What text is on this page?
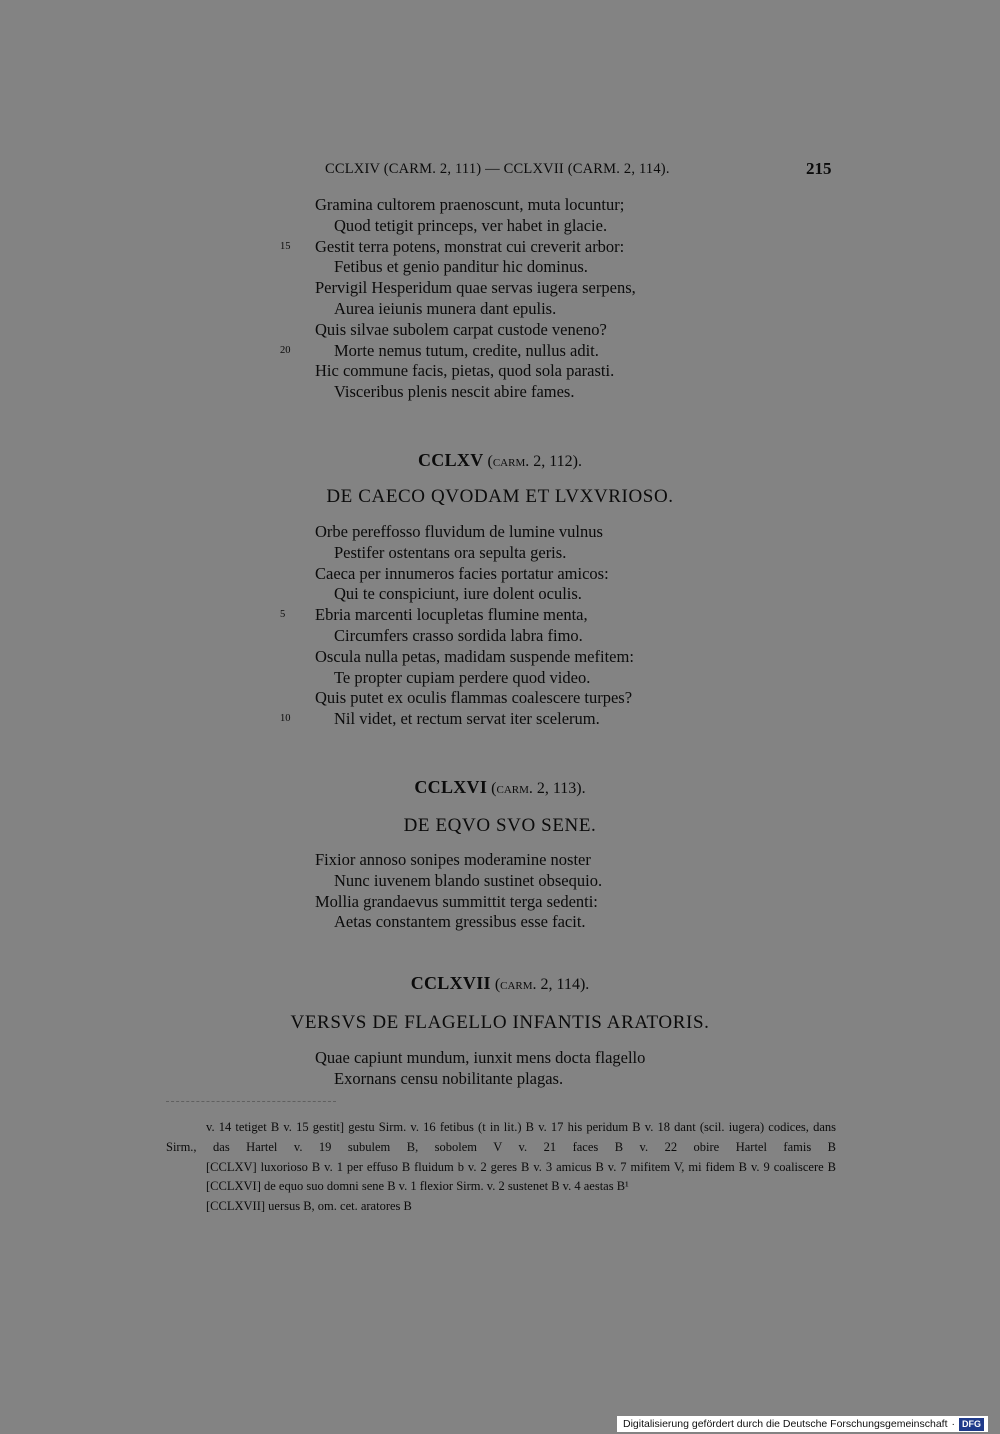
CCLXIV (CARM. 2, 111) — CCLXVII (CARM. 2, 114).	215
Gramina cultorem praenoscunt, muta locuntur;
Quod tetigit princeps, ver habet in glacie.
15	Gestit terra potens, monstrat cui creverit arbor:
Fetibus et genio panditur hic dominus.
Pervigil Hesperidum quae servas iugera serpens,
Aurea ieiunis munera dant epulis.
Quis silvae subolem carpat custode veneno?
20	Morte nemus tutum, credite, nullus adit.
Hic commune facis, pietas, quod sola parasti.
Visceribus plenis nescit abire fames.
CCLXV (carm. 2, 112).
DE CAECO QVODAM ET LVXVRIOSO.
Orbe pereffosso fluvidum de lumine vulnus
Pestifer ostentans ora sepulta geris.
Caeca per innumeros facies portatur amicos:
Qui te conspiciunt, iure dolent oculis.
5	Ebria marcenti locupletas flumine menta,
Circumfers crasso sordida labra fimo.
Oscula nulla petas, madidam suspende mefitem:
Te propter cupiam perdere quod video.
Quis putet ex oculis flammas coalescere turpes?
10	Nil videt, et rectum servat iter scelerum.
CCLXVI (carm. 2, 113).
DE EQVO SVO SENE.
Fixior annoso sonipes moderamine noster
Nunc iuvenem blando sustinet obsequio.
Mollia grandaevus summittit terga sedenti:
Aetas constantem gressibus esse facit.
CCLXVII (carm. 2, 114).
VERSVS DE FLAGELLO INFANTIS ARATORIS.
Quae capiunt mundum, iunxit mens docta flagello
Exornans censu nobilitante plagas.
v. 14 tetiget B v. 15 gestit] gestu Sirm. v. 16 fetibus (t in lit.) B v. 17 his peridum B v. 18 dant (scil. iugera) codices, dans Sirm., das Hartel v. 19 subulem B, sobolem V v. 21 faces B v. 22 obire Hartel famis B
[CCLXV] luxorioso B v. 1 per effuso B fluidum b v. 2 geres B v. 3 amicus B v. 7 mifitem V, mi fidem B v. 9 coaliscere B
[CCLXVI] de equo suo domni sene B v. 1 flexior Sirm. v. 2 sustenet B v. 4 aestas B¹
[CCLXVII] uersus B, om. cet. aratores B
Digitalisierung gefördert durch die Deutsche Forschungsgemeinschaft · DFG
